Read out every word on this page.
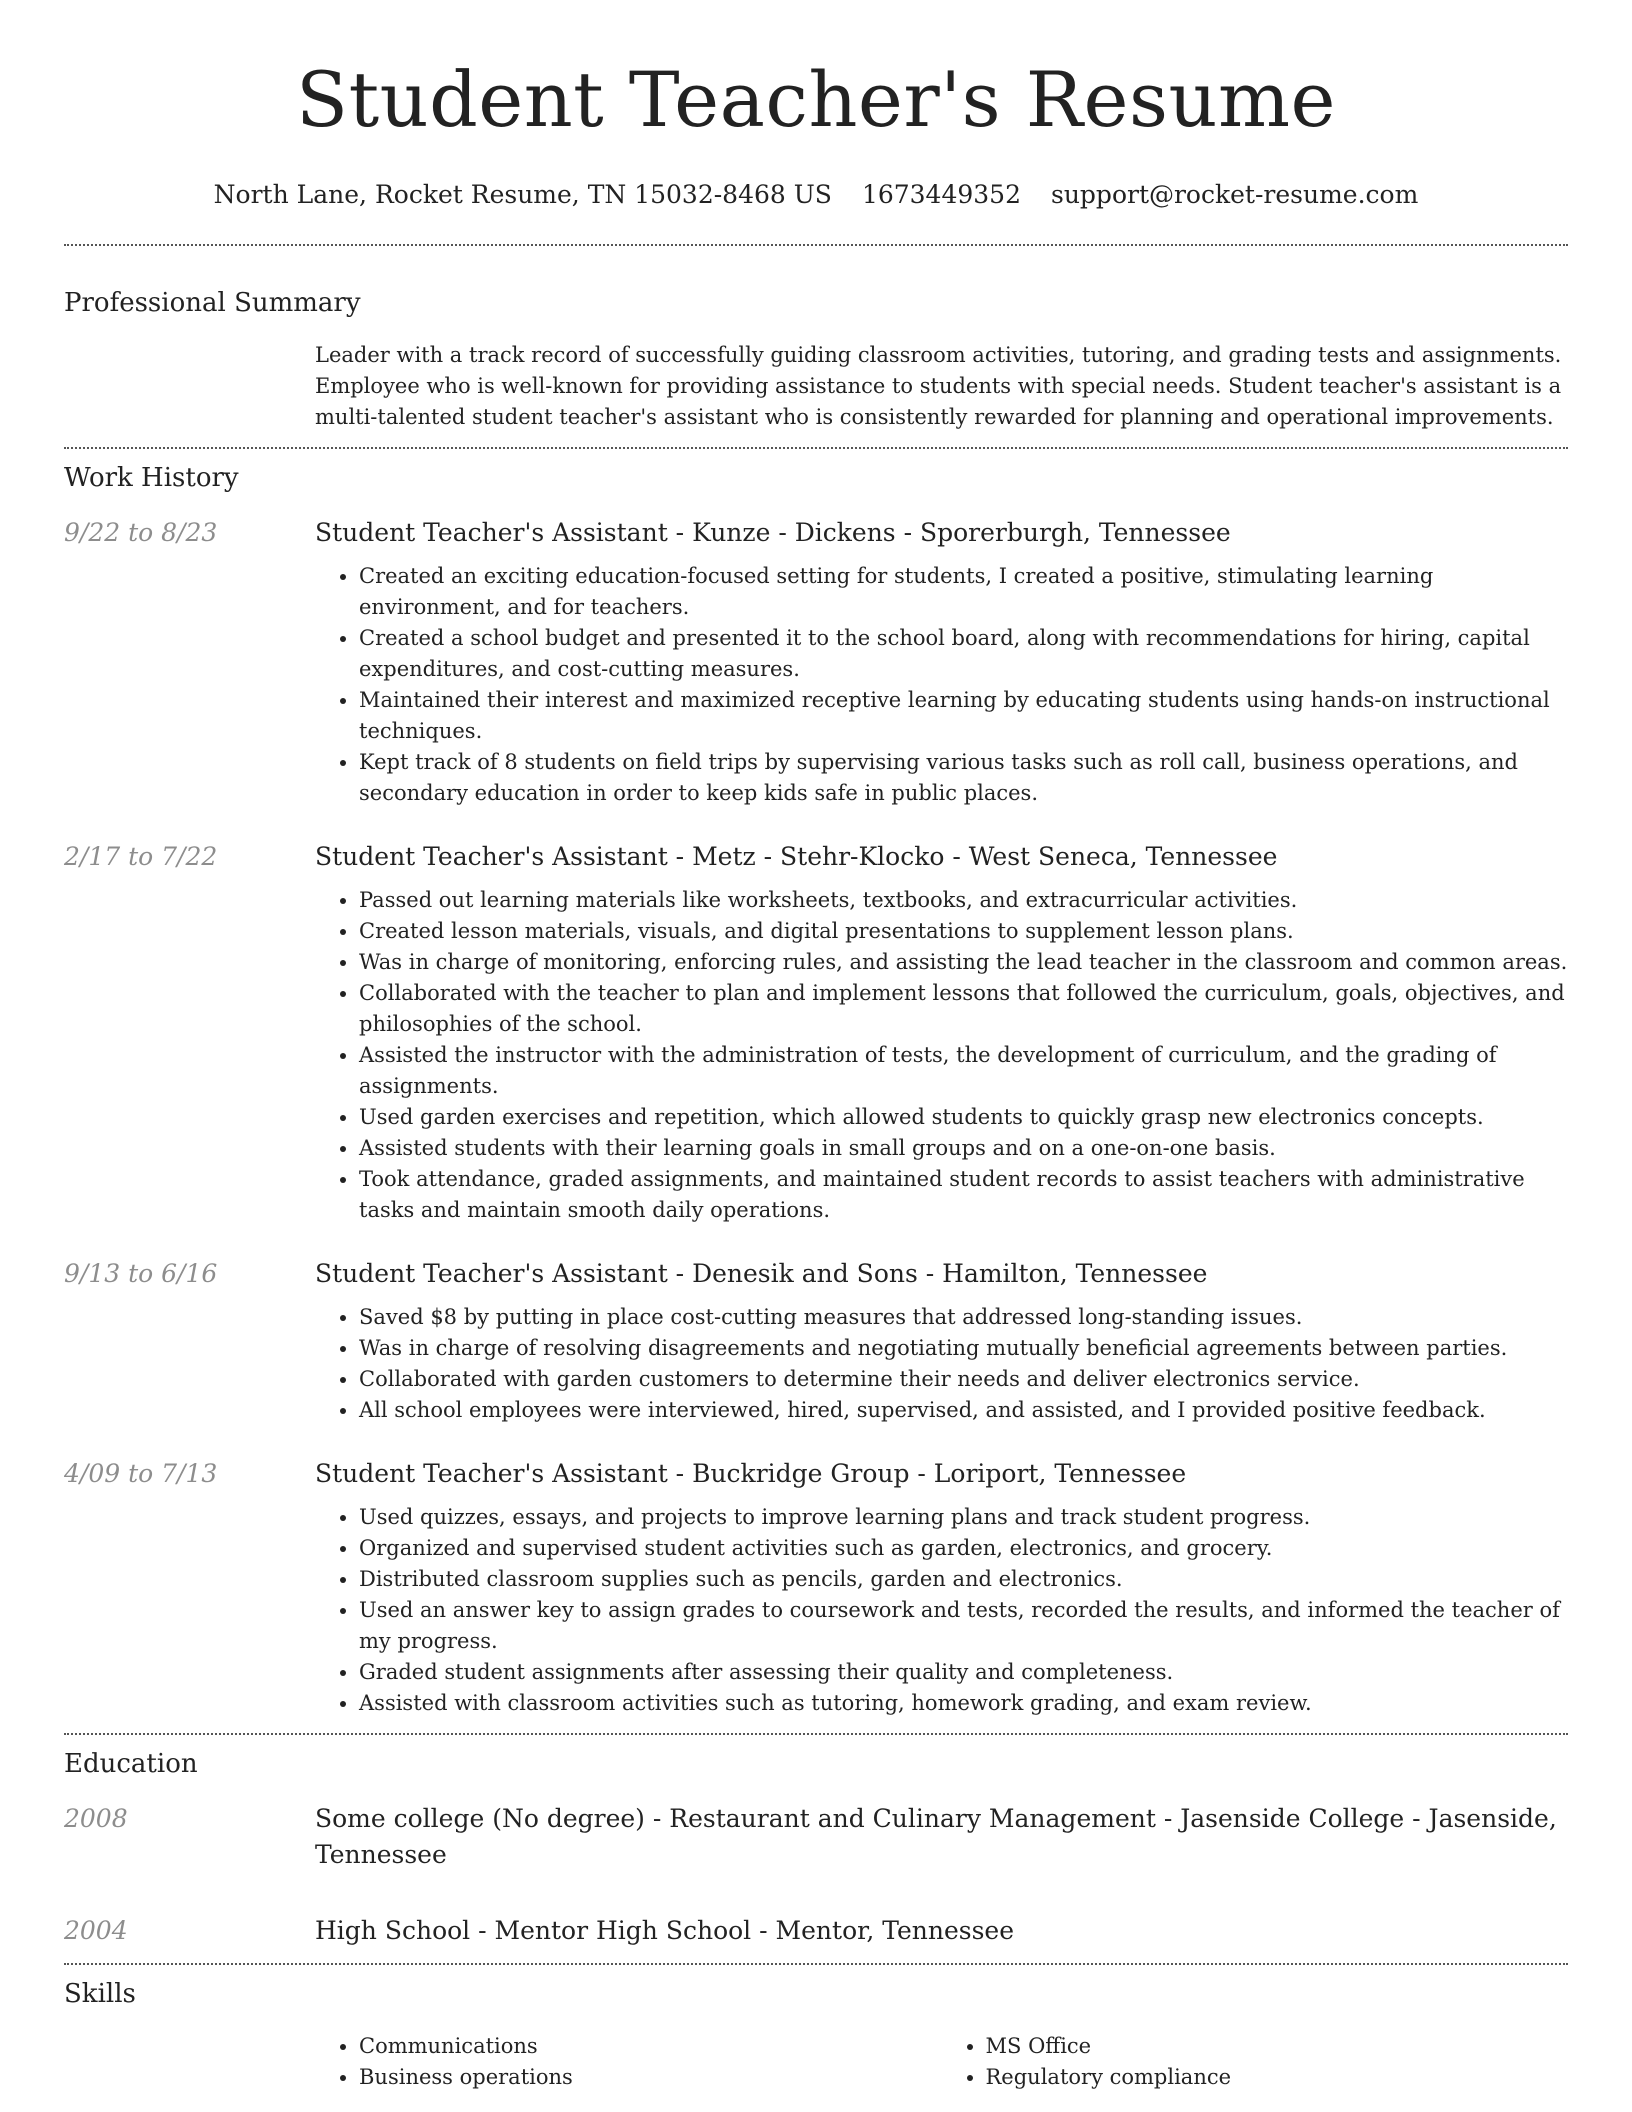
Student Teacher's Resume
North Lane, Rocket Resume, TN 15032-8468 US 1673449352 support@rocket-resume.com
Professional Summary
Leader with a track record of successfully guiding classroom activities, tutoring, and grading tests and assignments. Employee who is well-known for providing assistance to students with special needs. Student teacher's assistant is a multi-talented student teacher's assistant who is consistently rewarded for planning and operational improvements.
Work History
9/22 to 8/23	Student Teacher's Assistant - Kunze - Dickens - Sporerburgh, Tennessee
• Created an exciting education-focused setting for students, I created a positive, stimulating learning environment, and for teachers.
• Created a school budget and presented it to the school board, along with recommendations for hiring, capital expenditures, and cost-cutting measures.
• Maintained their interest and maximized receptive learning by educating students using hands-on instructional techniques.
• Kept track of 8 students on field trips by supervising various tasks such as roll call, business operations, and secondary education in order to keep kids safe in public places.
2/17 to 7/22	Student Teacher's Assistant - Metz - Stehr-Klocko - West Seneca, Tennessee
• Passed out learning materials like worksheets, textbooks, and extracurricular activities.
• Created lesson materials, visuals, and digital presentations to supplement lesson plans.
• Was in charge of monitoring, enforcing rules, and assisting the lead teacher in the classroom and common areas.
• Collaborated with the teacher to plan and implement lessons that followed the curriculum, goals, objectives, and philosophies of the school.
• Assisted the instructor with the administration of tests, the development of curriculum, and the grading of assignments.
• Used garden exercises and repetition, which allowed students to quickly grasp new electronics concepts.
• Assisted students with their learning goals in small groups and on a one-on-one basis.
• Took attendance, graded assignments, and maintained student records to assist teachers with administrative tasks and maintain smooth daily operations.
9/13 to 6/16	Student Teacher's Assistant - Denesik and Sons - Hamilton, Tennessee
• Saved $8 by putting in place cost-cutting measures that addressed long-standing issues.
• Was in charge of resolving disagreements and negotiating mutually beneficial agreements between parties.
• Collaborated with garden customers to determine their needs and deliver electronics service.
• All school employees were interviewed, hired, supervised, and assisted, and I provided positive feedback.
4/09 to 7/13	Student Teacher's Assistant - Buckridge Group - Loriport, Tennessee
• Used quizzes, essays, and projects to improve learning plans and track student progress.
• Organized and supervised student activities such as garden, electronics, and grocery.
• Distributed classroom supplies such as pencils, garden and electronics.
• Used an answer key to assign grades to coursework and tests, recorded the results, and informed the teacher of my progress.
• Graded student assignments after assessing their quality and completeness.
• Assisted with classroom activities such as tutoring, homework grading, and exam review.
Education
2008	Some college (No degree) - Restaurant and Culinary Management - Jasenside College - Jasenside, Tennessee
2004	High School - Mentor High School - Mentor, Tennessee
Skills
• Communications
• Business operations
• MS Office
• Regulatory compliance
